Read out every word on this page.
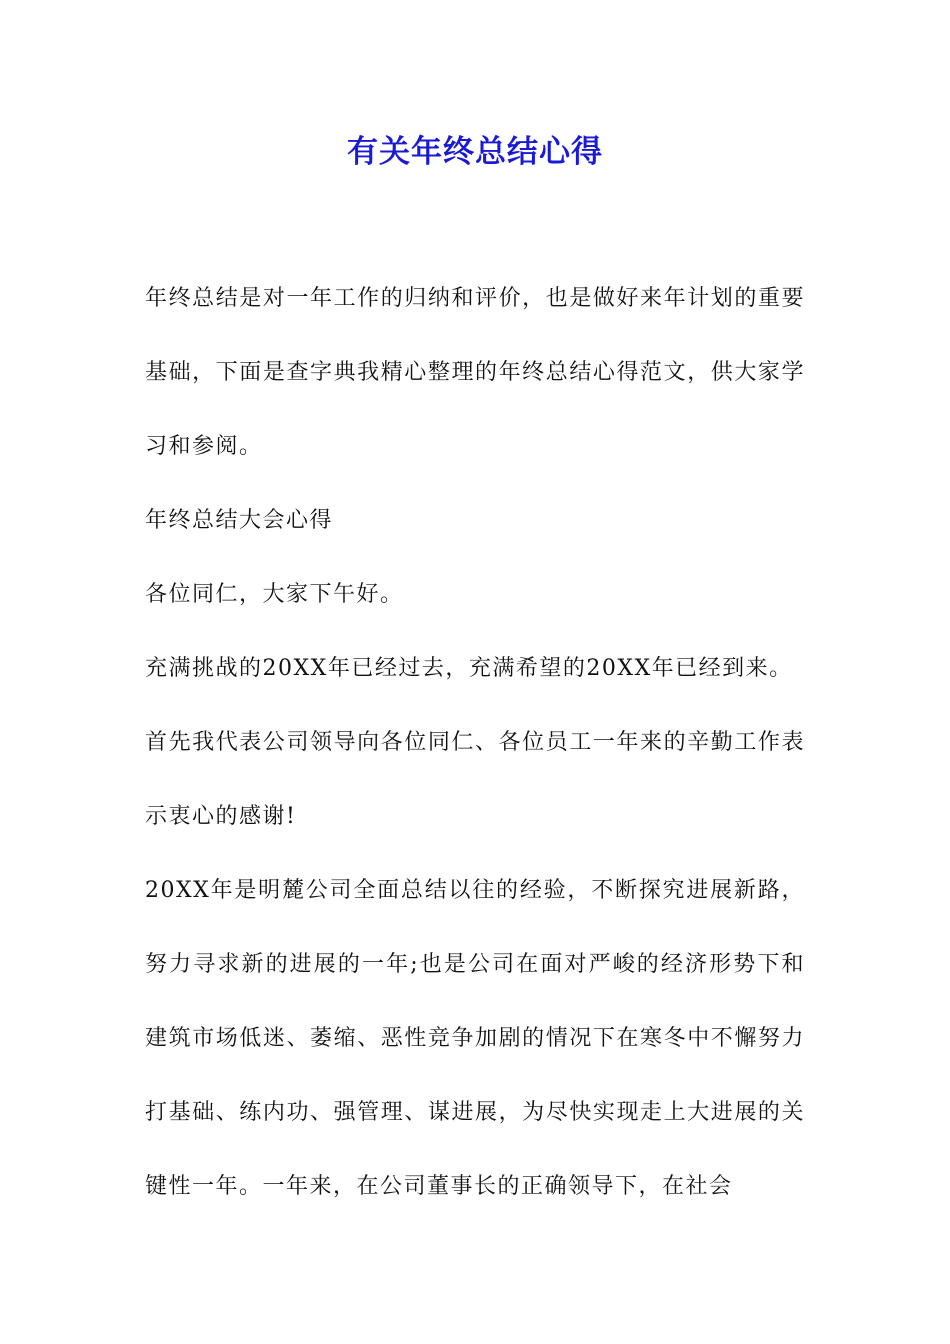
有关年终总结心得

年终总结是对一年工作的归纳和评价，也是做好来年计划的重要基础，下面是查字典我精心整理的年终总结心得范文，供大家学习和参阅。

年终总结大会心得

各位同仁，大家下午好。

充满挑战的20XX年已经过去，充满希望的20XX年已经到来。

首先我代表公司领导向各位同仁、各位员工一年来的辛勤工作表示衷心的感谢!

20XX年是明麓公司全面总结以往的经验，不断探究进展新路，努力寻求新的进展的一年;也是公司在面对严峻的经济形势下和建筑市场低迷、萎缩、恶性竞争加剧的情况下在寒冬中不懈努力打基础、练内功、强管理、谋进展，为尽快实现走上大进展的关键性一年。一年来，在公司董事长的正确领导下，在社会
